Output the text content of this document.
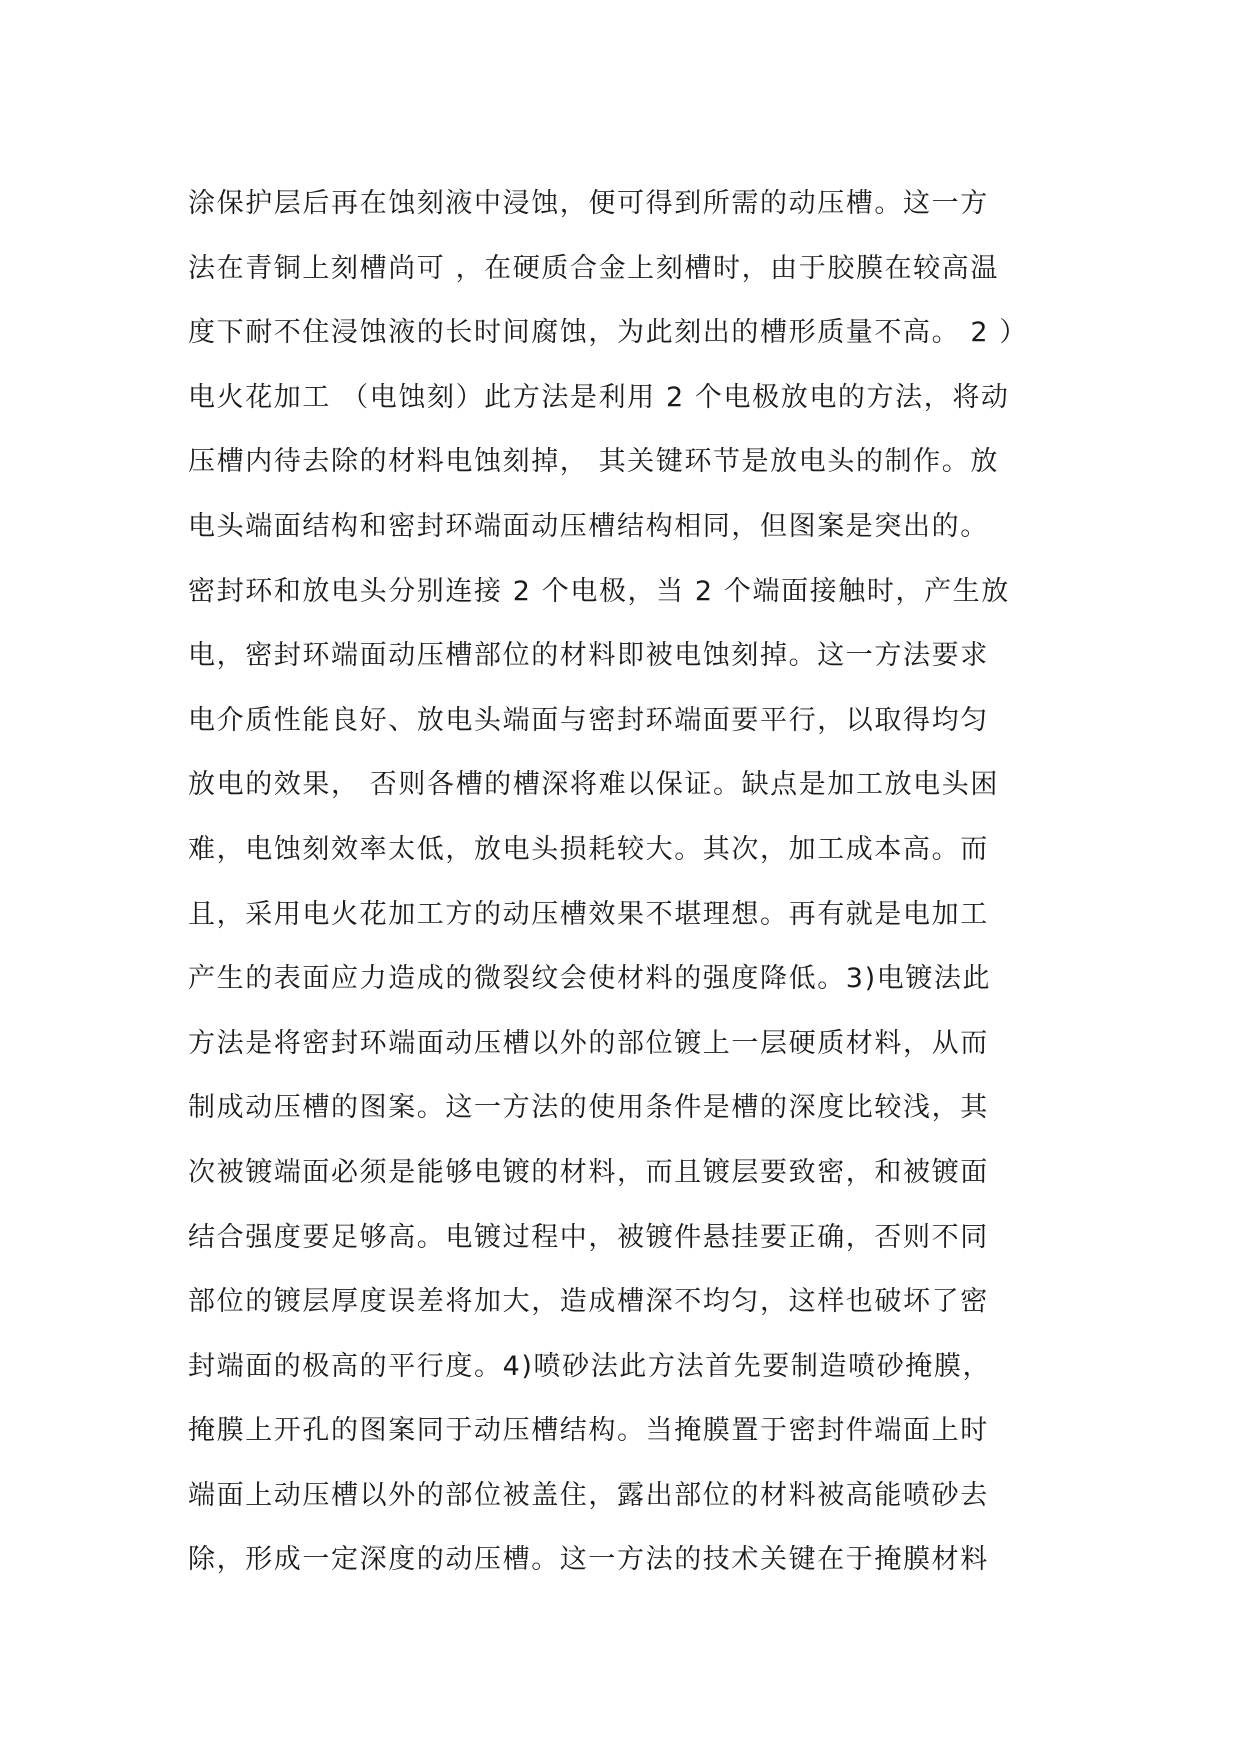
涂保护层后再在蚀刻液中浸蚀，便可得到所需的动压槽。这一方

法在青铜上刻槽尚可 ，在硬质合金上刻槽时，由于胶膜在较高温

度下耐不住浸蚀液的长时间腐蚀，为此刻出的槽形质量不高。 2 ）

电火花加工 （电蚀刻）此方法是利用 2 个电极放电的方法，将动

压槽内待去除的材料电蚀刻掉， 其关键环节是放电头的制作。放

电头端面结构和密封环端面动压槽结构相同，但图案是突出的。

密封环和放电头分别连接 2 个电极，当 2 个端面接触时，产生放

电，密封环端面动压槽部位的材料即被电蚀刻掉。这一方法要求

电介质性能良好、放电头端面与密封环端面要平行，以取得均匀

放电的效果， 否则各槽的槽深将难以保证。缺点是加工放电头困

难，电蚀刻效率太低，放电头损耗较大。其次，加工成本高。而

且，采用电火花加工方的动压槽效果不堪理想。再有就是电加工

产生的表面应力造成的微裂纹会使材料的强度降低。3)电镀法此

方法是将密封环端面动压槽以外的部位镀上一层硬质材料，从而

制成动压槽的图案。这一方法的使用条件是槽的深度比较浅，其

次被镀端面必须是能够电镀的材料，而且镀层要致密，和被镀面

结合强度要足够高。电镀过程中，被镀件悬挂要正确，否则不同

部位的镀层厚度误差将加大，造成槽深不均匀，这样也破坏了密

封端面的极高的平行度。4)喷砂法此方法首先要制造喷砂掩膜，

掩膜上开孔的图案同于动压槽结构。当掩膜置于密封件端面上时

端面上动压槽以外的部位被盖住，露出部位的材料被高能喷砂去

除，形成一定深度的动压槽。这一方法的技术关键在于掩膜材料
